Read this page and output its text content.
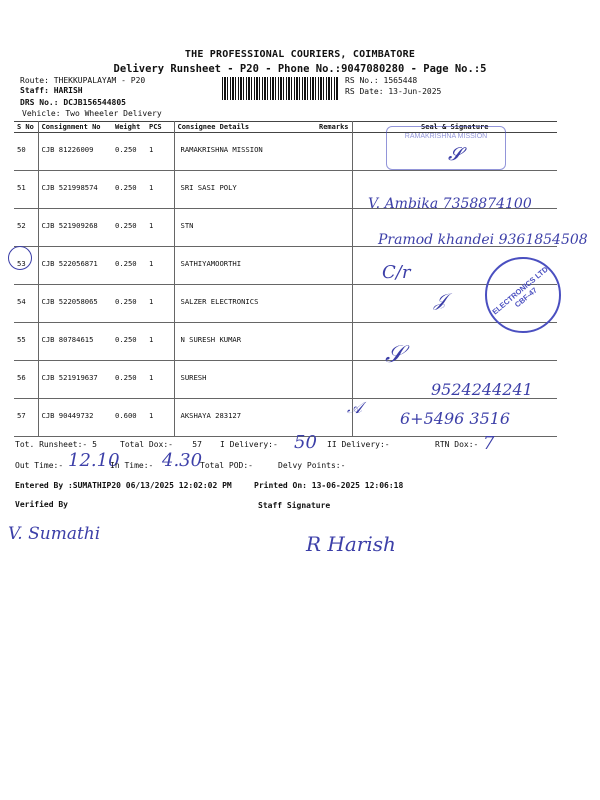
THE PROFESSIONAL COURIERS, COIMBATORE
Delivery Runsheet - P20 - Phone No.:9047080280 - Page No.:5
Route: THEKKUPALAYAM - P20
Staff: HARISH
DRS No.: DCJB156544805
Vehicle: Two Wheeler Delivery
RS No.: 1565448
RS Date: 13-Jun-2025
S No	Consignment No	Weight	PCS	Consignee Details	Remarks	Seal & Signature
50	CJB 81226009	0.250	1	RAMAKRISHNA MISSION		
51	CJB 521998574	0.250	1	SRI SASI POLY		
52	CJB 521909268	0.250	1	STN		
53	CJB 522056871	0.250	1	SATHIYAMOORTHI		
54	CJB 522058065	0.250	1	SALZER ELECTRONICS		
55	CJB 80784615	0.250	1	N SURESH KUMAR		
56	CJB 521919637	0.250	1	SURESH		
57	CJB 90449732	0.600	1	AKSHAYA 283127		
RAMAKRISHNA MISSION
ELECTRONICS LTD CBF-47
𝓢
V. Ambika 7358874100
Pramod khandei 9361854508
C/r
𝒥
𝒮
9524244241
𝒜
6+5496 3516
Tot. Runsheet:- 5	Total Dox:- 57 I Delivery:- 50 II Delivery:-	RTN Dox:- 7
Out Time:- 12.10
In Time:- 4.30
Total POD:-	Delvy Points:-
Entered By :SUMATHIP20 06/13/2025 12:02:02 PM	Printed On: 13-06-2025 12:06:18
Verified By	Staff Signature
V. Sumathi	R Harish
